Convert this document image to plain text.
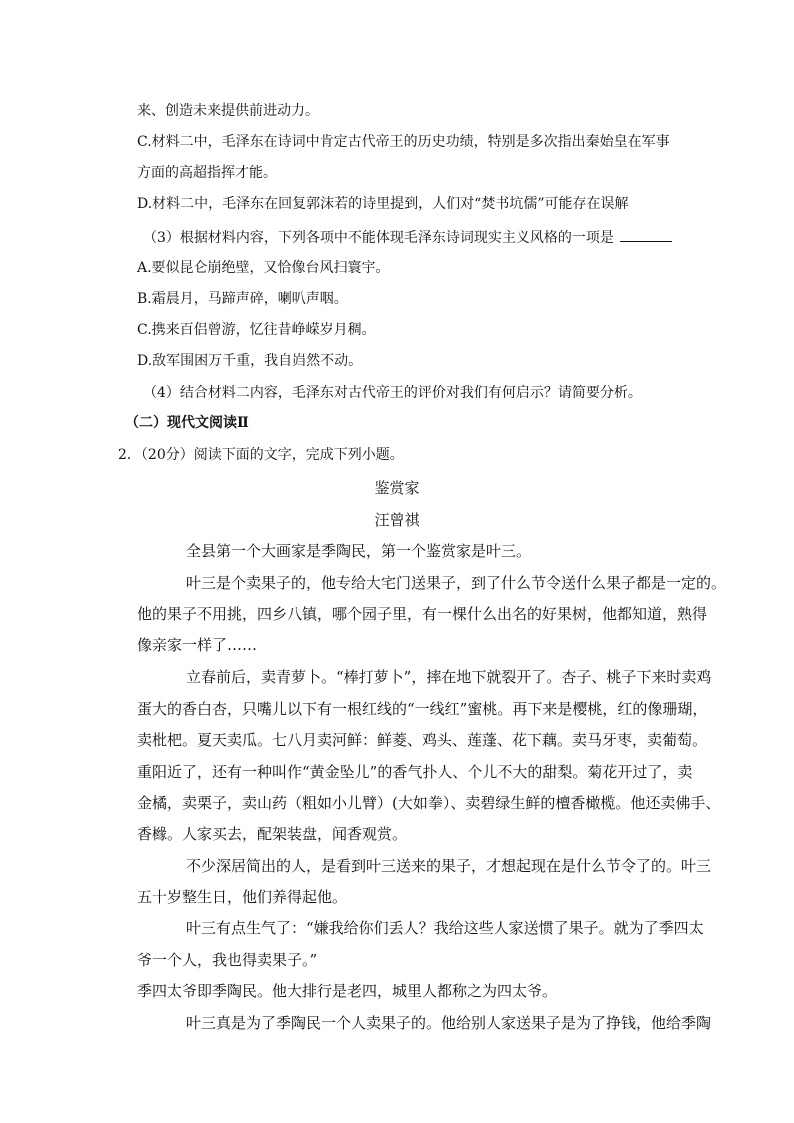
来、创造未来提供前进动力。
C.材料二中，毛泽东在诗词中肯定古代帝王的历史功绩，特别是多次指出秦始皇在军事
方面的高超指挥才能。
D.材料二中，毛泽东在回复郭沫若的诗里提到，人们对“焚书坑儒”可能存在误解
（3）根据材料内容，下列各项中不能体现毛泽东诗词现实主义风格的一项是
A.要似昆仑崩绝壁，又恰像台风扫寰宇。
B.霜晨月，马蹄声碎，喇叭声咽。
C.携来百侣曾游，忆往昔峥嵘岁月稠。
D.敌军围困万千重，我自岿然不动。
（4）结合材料二内容，毛泽东对古代帝王的评价对我们有何启示？请简要分析。
（二）现代文阅读Ⅱ
2．（20分）阅读下面的文字，完成下列小题。
鉴赏家
汪曾祺
全县第一个大画家是季陶民，第一个鉴赏家是叶三。
叶三是个卖果子的，他专给大宅门送果子，到了什么节令送什么果子都是一定的。
他的果子不用挑，四乡八镇，哪个园子里，有一棵什么出名的好果树，他都知道，熟得
像亲家一样了……
立春前后，卖青萝卜。“棒打萝卜”，摔在地下就裂开了。杏子、桃子下来时卖鸡
蛋大的香白杏，只嘴儿以下有一根红线的“一线红”蜜桃。再下来是樱桃，红的像珊瑚，
卖枇杷。夏天卖瓜。七八月卖河鲜：鲜菱、鸡头、莲蓬、花下藕。卖马牙枣，卖葡萄。
重阳近了，还有一种叫作“黄金坠儿”的香气扑人、个儿不大的甜梨。菊花开过了，卖
金橘，卖栗子，卖山药（粗如小儿臂）(大如拳）、卖碧绿生鲜的檀香橄榄。他还卖佛手、
香橼。人家买去，配架装盘，闻香观赏。
不少深居简出的人，是看到叶三送来的果子，才想起现在是什么节令了的。叶三
五十岁整生日，他们养得起他。
叶三有点生气了：“嫌我给你们丢人？我给这些人家送惯了果子。就为了季四太
爷一个人，我也得卖果子。”
季四太爷即季陶民。他大排行是老四，城里人都称之为四太爷。
叶三真是为了季陶民一个人卖果子的。他给别人家送果子是为了挣钱，他给季陶
